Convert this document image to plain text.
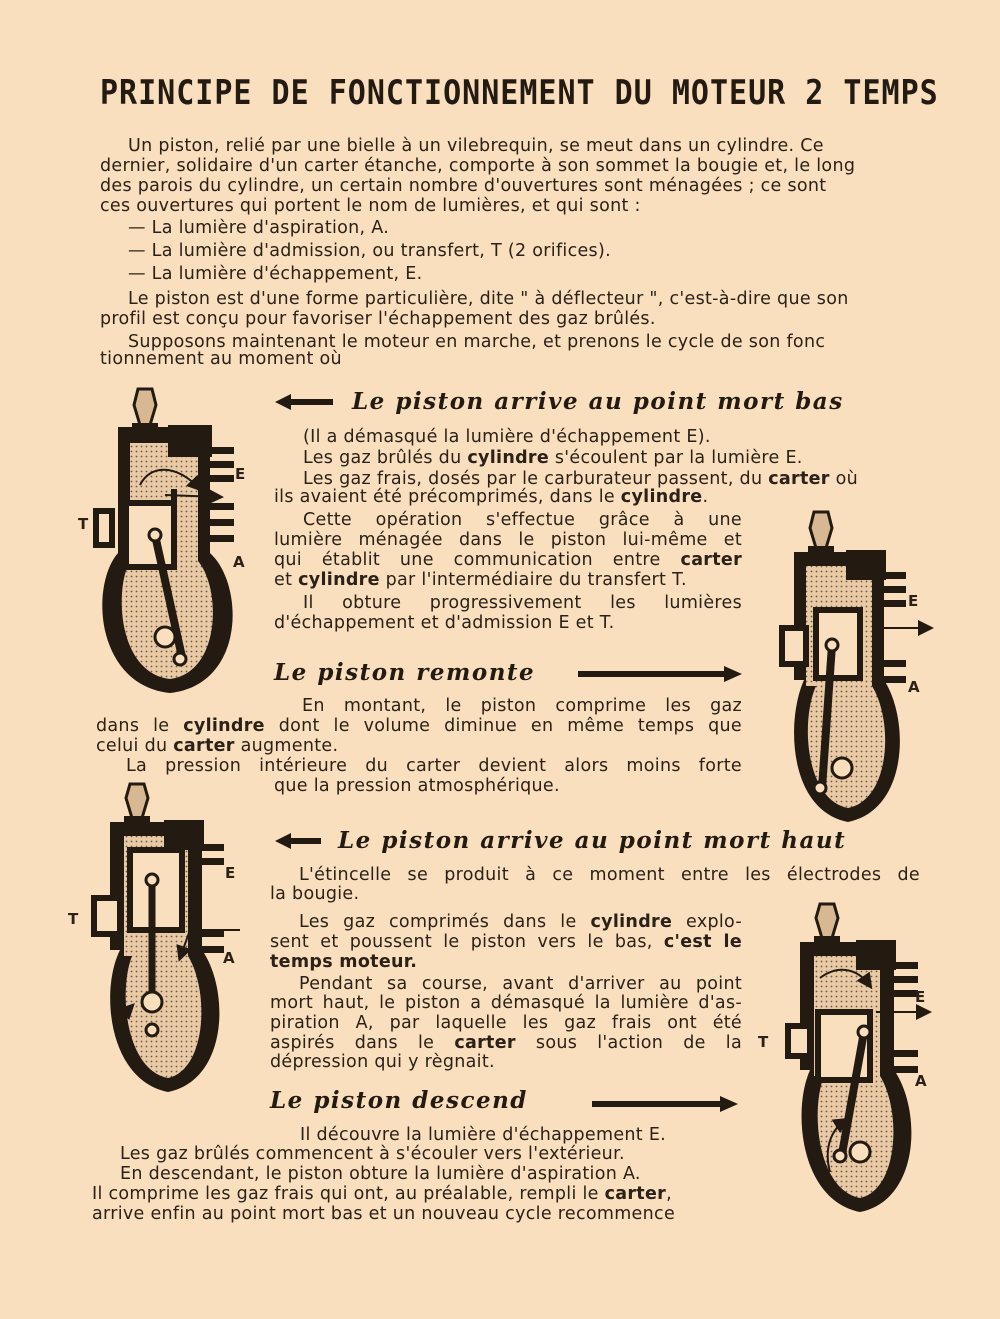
PRINCIPE DE FONCTIONNEMENT DU MOTEUR 2 TEMPS
Un piston, relié par une bielle à un vilebrequin, se meut dans un cylindre. Ce
dernier, solidaire d'un carter étanche, comporte à son sommet la bougie et, le long
des parois du cylindre, un certain nombre d'ouvertures sont ménagées ; ce sont
ces ouvertures qui portent le nom de lumières, et qui sont :
— La lumière d'aspiration, A.
— La lumière d'admission, ou transfert, T (2 orifices).
— La lumière d'échappement, E.
Le piston est d'une forme particulière, dite " à déflecteur ", c'est-à-dire que son
profil est conçu pour favoriser l'échappement des gaz brûlés.
Supposons maintenant le moteur en marche, et prenons le cycle de son fonc
tionnement au moment où
Le piston arrive au point mort bas
(Il a démasqué la lumière d'échappement E).
Les gaz brûlés du cylindre s'écoulent par la lumière E.
Les gaz frais, dosés par le carburateur passent, du carter où
ils avaient été précomprimés, dans le cylindre.
Cette opération s'effectue grâce à une
lumière ménagée dans le piston lui-même et
qui établit une communication entre carter
et cylindre par l'intermédiaire du transfert T.
Il obture progressivement les lumières
d'échappement et d'admission E et T.
Le piston remonte
En montant, le piston comprime les gaz
dans le cylindre dont le volume diminue en même temps que
celui du carter augmente.
La pression intérieure du carter devient alors moins forte
que la pression atmosphérique.
Le piston arrive au point mort haut
L'étincelle se produit à ce moment entre les électrodes de
la bougie.
Les gaz comprimés dans le cylindre explo-
sent et poussent le piston vers le bas, c'est le
temps moteur.
Pendant sa course, avant d'arriver au point
mort haut, le piston a démasqué la lumière d'as-
piration A, par laquelle les gaz frais ont été
aspirés dans le carter sous l'action de la
dépression qui y règnait.
Le piston descend
Il découvre la lumière d'échappement E.
Les gaz brûlés commencent à s'écouler vers l'extérieur.
En descendant, le piston obture la lumière d'aspiration A.
Il comprime les gaz frais qui ont, au préalable, rempli le carter,
arrive enfin au point mort bas et un nouveau cycle recommence
E
T
A
E
A
E
T
A
E
T
A
